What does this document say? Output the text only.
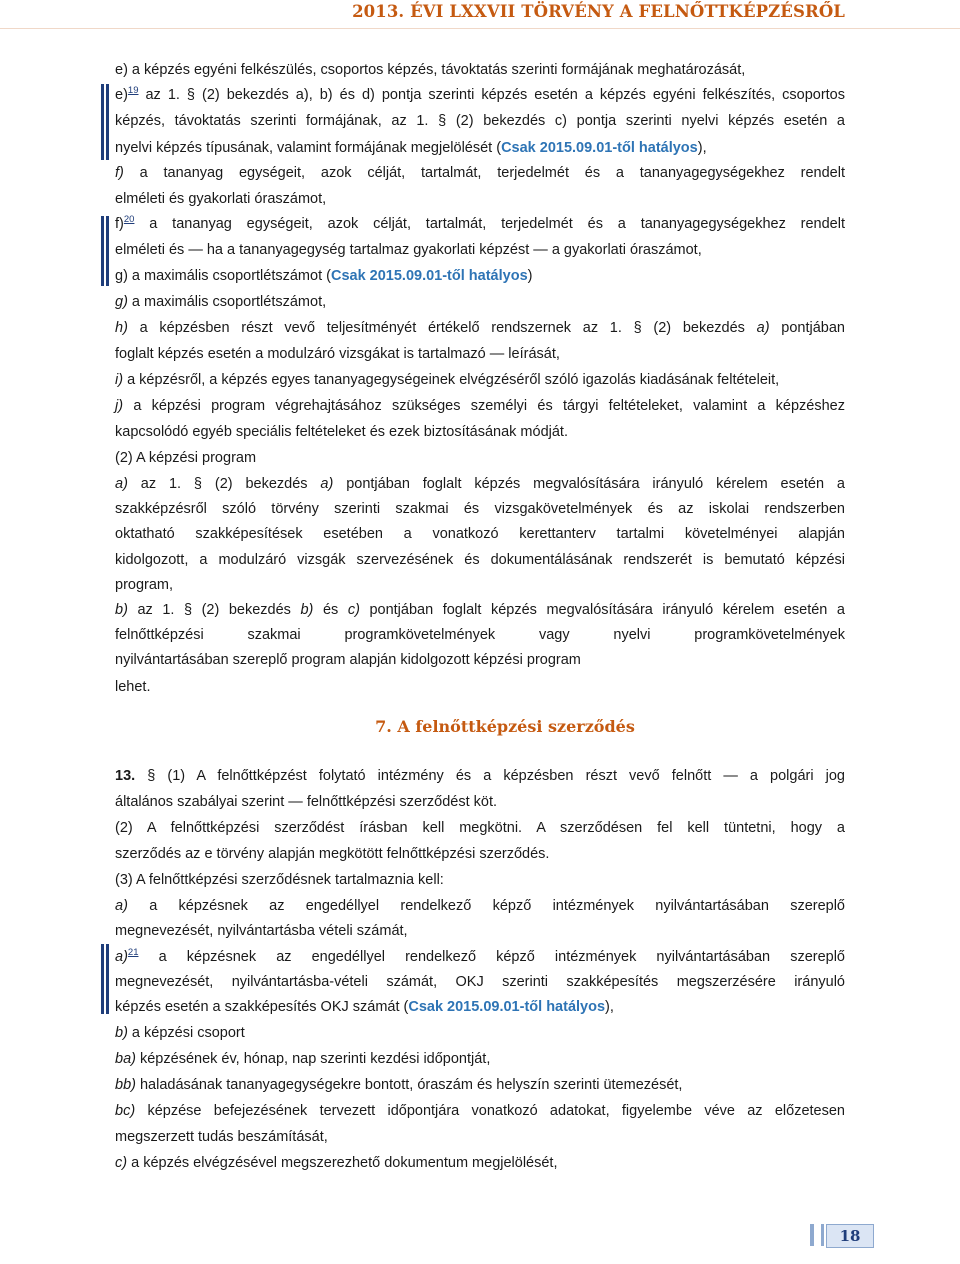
2013. ÉVI LXXVII TÖRVÉNY A FELNŐTTKÉPZÉSRŐL
e) a képzés egyéni felkészülés, csoportos képzés, távoktatás szerinti formájának meghatározását,
e)$^{19}$ az 1. § (2) bekezdés a), b) és d) pontja szerinti képzés esetén a képzés egyéni felkészítés, csoportos
képzés, távoktatás szerinti formájának, az 1. § (2) bekezdés c) pontja szerinti nyelvi képzés esetén a
nyelvi képzés típusának, valamint formájának megjelölését (Csak 2015.09.01-től hatályos),
f) a tananyag egységeit, azok célját, tartalmát, terjedelmét és a tananyagegységekhez rendelt
elméleti és gyakorlati óraszámot,
f)$^{20}$ a tananyag egységeit, azok célját, tartalmát, terjedelmét és a tananyagegységekhez rendelt
elméleti és — ha a tananyagegység tartalmaz gyakorlati képzést — a gyakorlati óraszámot,
g) a maximális csoportlétszámot (Csak 2015.09.01-től hatályos)
g) a maximális csoportlétszámot,
h) a képzésben részt vevő teljesítményét értékelő rendszernek az 1. § (2) bekezdés a) pontjában
foglalt képzés esetén a modulzáró vizsgákat is tartalmazó — leírását,
i) a képzésről, a képzés egyes tananyagegységeinek elvégzéséről szóló igazolás kiadásának feltételeit,
j) a képzési program végrehajtásához szükséges személyi és tárgyi feltételeket, valamint a képzéshez
kapcsolódó egyéb speciális feltételeket és ezek biztosításának módját.
(2) A képzési program
a) az 1. § (2) bekezdés a) pontjában foglalt képzés megvalósítására irányuló kérelem esetén a
szakképzésről szóló törvény szerinti szakmai és vizsgakövetelmények és az iskolai rendszerben
oktatható szakképesítések esetében a vonatkozó kerettanterv tartalmi követelményei alapján
kidolgozott, a modulzáró vizsgák szervezésének és dokumentálásának rendszerét is bemutató képzési
program,
b) az 1. § (2) bekezdés b) és c) pontjában foglalt képzés megvalósítására irányuló kérelem esetén a
felnőttképzési szakmai programkövetelmények vagy nyelvi programkövetelmények
nyilvántartásában szereplő program alapján kidolgozott képzési program
lehet.
7. A felnőttképzési szerződés
13. § (1) A felnőttképzést folytató intézmény és a képzésben részt vevő felnőtt — a polgári jog
általános szabályai szerint — felnőttképzési szerződést köt.
(2) A felnőttképzési szerződést írásban kell megkötni. A szerződésen fel kell tüntetni, hogy a
szerződés az e törvény alapján megkötött felnőttképzési szerződés.
(3) A felnőttképzési szerződésnek tartalmaznia kell:
a) a képzésnek az engedéllyel rendelkező képző intézmények nyilvántartásában szereplő
megnevezését, nyilvántartásba vételi számát,
a)$^{21}$ a képzésnek az engedéllyel rendelkező képző intézmények nyilvántartásában szereplő
megnevezését, nyilvántartásba-vételi számát, OKJ szerinti szakképesítés megszerzésére irányuló
képzés esetén a szakképesítés OKJ számát (Csak 2015.09.01-től hatályos),
b) a képzési csoport
ba) képzésének év, hónap, nap szerinti kezdési időpontját,
bb) haladásának tananyagegységekre bontott, óraszám és helyszín szerinti ütemezését,
bc) képzése befejezésének tervezett időpontjára vonatkozó adatokat, figyelembe véve az előzetesen
megszerzett tudás beszámítását,
c) a képzés elvégzésével megszerezhető dokumentum megjelölését,
18
